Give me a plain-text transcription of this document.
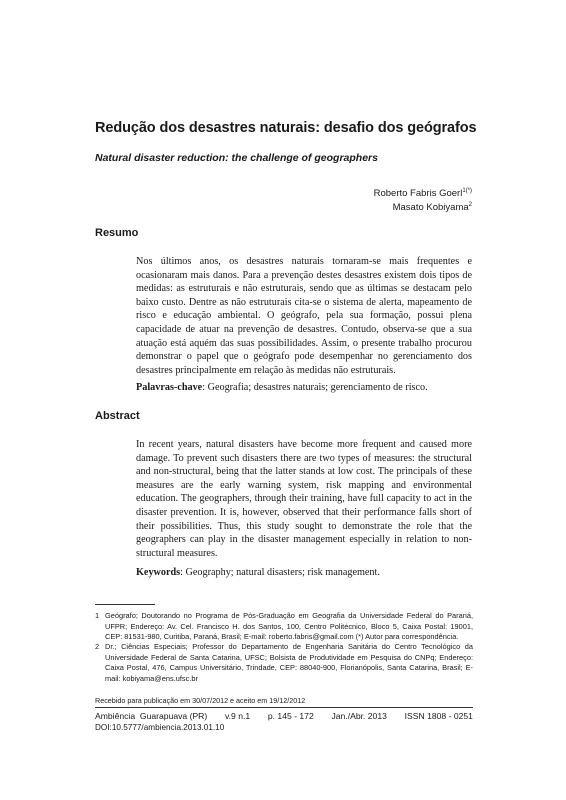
Redução dos desastres naturais: desafio dos geógrafos
Natural disaster reduction: the challenge of geographers
Roberto Fabris Goerl$^{1(*)}$
Masato Kobiyama$^2$
Resumo
Nos últimos anos, os desastres naturais tornaram-se mais frequentes e ocasionaram mais danos. Para a prevenção destes desastres existem dois tipos de medidas: as estruturais e não estruturais, sendo que as últimas se destacam pelo baixo custo. Dentre as não estruturais cita-se o sistema de alerta, mapeamento de risco e educação ambiental. O geógrafo, pela sua formação, possui plena capacidade de atuar na prevenção de desastres. Contudo, observa-se que a sua atuação está aquém das suas possibilidades. Assim, o presente trabalho procurou demonstrar o papel que o geógrafo pode desempenhar no gerenciamento dos desastres principalmente em relação às medidas não estruturais.
Palavras-chave: Geografia; desastres naturais; gerenciamento de risco.
Abstract
In recent years, natural disasters have become more frequent and caused more damage. To prevent such disasters there are two types of measures: the structural and non-structural, being that the latter stands at low cost. The principals of these measures are the early warning system, risk mapping and environmental education. The geographers, through their training, have full capacity to act in the disaster prevention. It is, however, observed that their performance falls short of their possibilities. Thus, this study sought to demonstrate the role that the geographers can play in the disaster management especially in relation to non-structural measures.
Keywords: Geography; natural disasters; risk management.
1 Geógrafo; Doutorando no Programa de Pós-Graduação em Geografia da Universidade Federal do Paraná, UFPR; Endereço: Av. Cel. Francisco H. dos Santos, 100, Centro Politécnico, Bloco 5, Caixa Postal: 19001, CEP: 81531-980, Curitiba, Paraná, Brasil; E-mail: roberto.fabris@gmail.com (*) Autor para correspondência.
2 Dr.; Ciências Especiais; Professor do Departamento de Engenharia Sanitária do Centro Tecnológico da Universidade Federal de Santa Catarina, UFSC; Bolsista de Produtividade em Pesquisa do CNPq; Endereço: Caixa Postal, 476, Campus Universitário, Trindade, CEP: 88040-900, Florianópolis, Santa Catarina, Brasil; E-mail: kobiyama@ens.ufsc.br
Recebido para publicação em 30/07/2012 e aceito em 19/12/2012
Ambiência Guarapuava (PR) v.9 n.1 p. 145 - 172 Jan./Abr. 2013 ISSN 1808 - 0251
DOI:10.5777/ambiencia.2013.01.10
